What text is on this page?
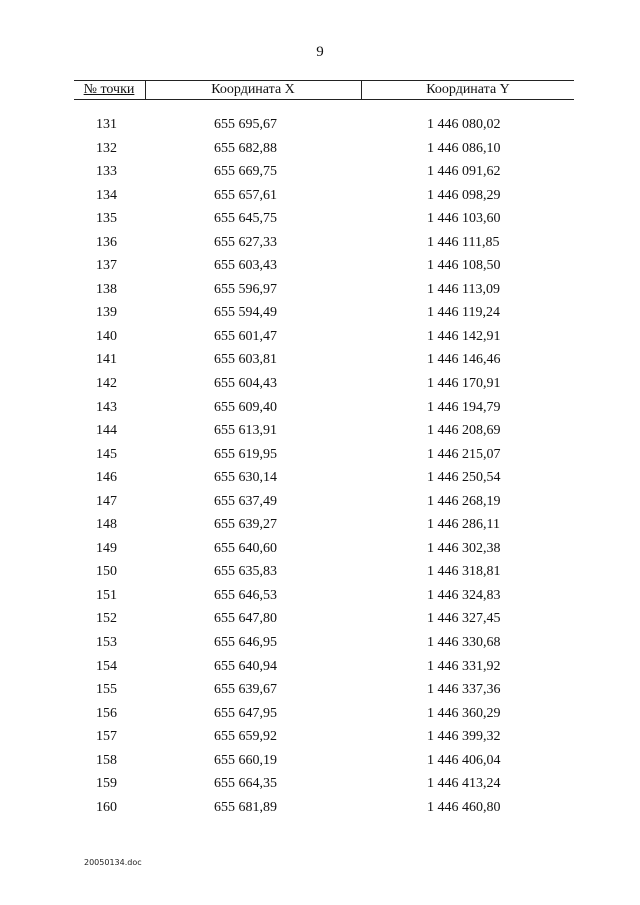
9
№ точки	Координата X	Координата Y
131	655 695,67	1 446 080,02
132	655 682,88	1 446 086,10
133	655 669,75	1 446 091,62
134	655 657,61	1 446 098,29
135	655 645,75	1 446 103,60
136	655 627,33	1 446 111,85
137	655 603,43	1 446 108,50
138	655 596,97	1 446 113,09
139	655 594,49	1 446 119,24
140	655 601,47	1 446 142,91
141	655 603,81	1 446 146,46
142	655 604,43	1 446 170,91
143	655 609,40	1 446 194,79
144	655 613,91	1 446 208,69
145	655 619,95	1 446 215,07
146	655 630,14	1 446 250,54
147	655 637,49	1 446 268,19
148	655 639,27	1 446 286,11
149	655 640,60	1 446 302,38
150	655 635,83	1 446 318,81
151	655 646,53	1 446 324,83
152	655 647,80	1 446 327,45
153	655 646,95	1 446 330,68
154	655 640,94	1 446 331,92
155	655 639,67	1 446 337,36
156	655 647,95	1 446 360,29
157	655 659,92	1 446 399,32
158	655 660,19	1 446 406,04
159	655 664,35	1 446 413,24
160	655 681,89	1 446 460,80
20050134.doc
